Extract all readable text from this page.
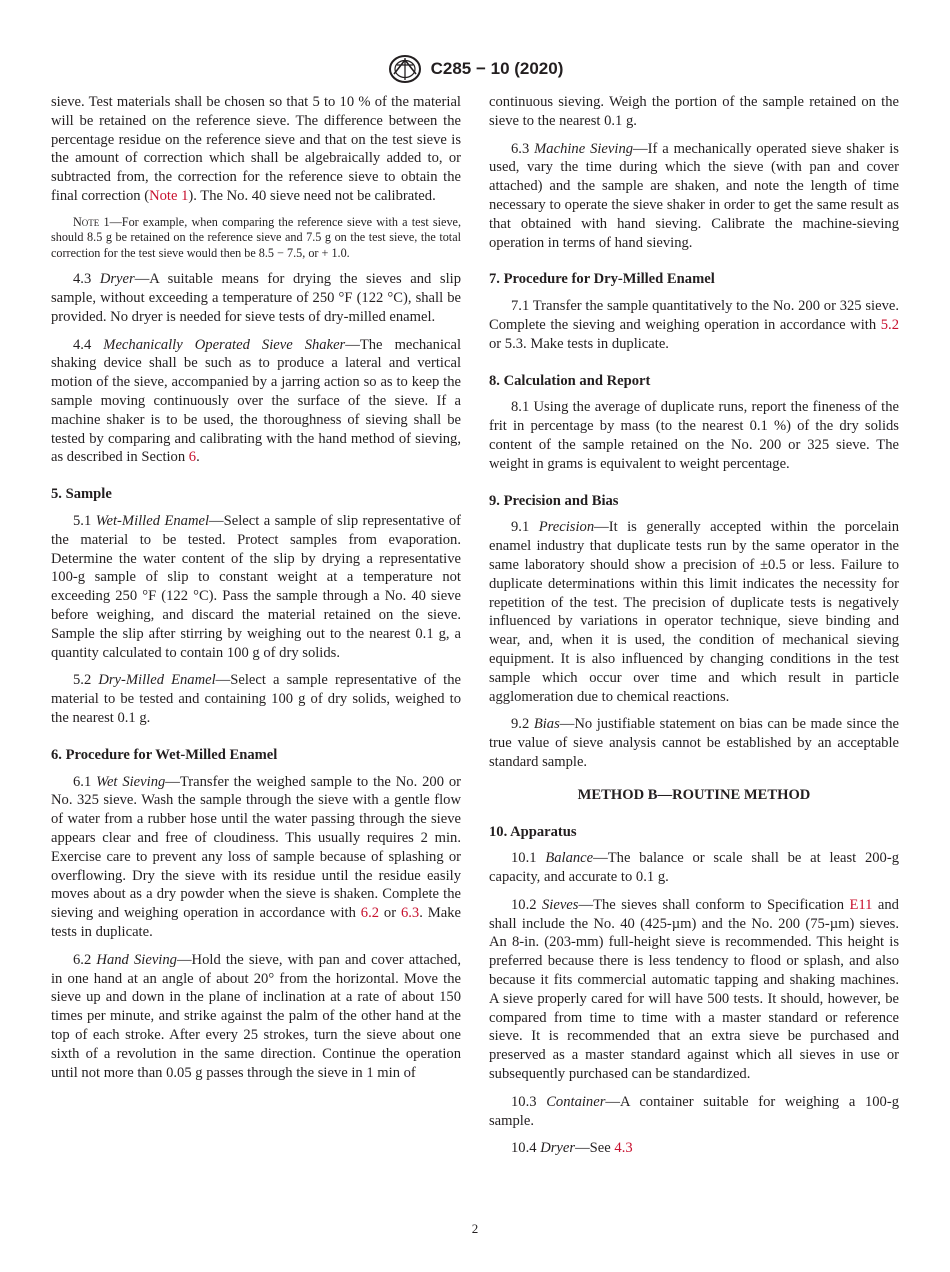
C285 − 10 (2020)

sieve. Test materials shall be chosen so that 5 to 10 % of the material will be retained on the reference sieve. The difference between the percentage residue on the reference sieve and that on the test sieve is the amount of correction which shall be algebraically added to, or subtracted from, the correction for the reference sieve to obtain the final correction (Note 1). The No. 40 sieve need not be calibrated.

Note 1—For example, when comparing the reference sieve with a test sieve, should 8.5 g be retained on the reference sieve and 7.5 g on the test sieve, the total correction for the test sieve would then be 8.5 − 7.5, or + 1.0.

4.3 Dryer—A suitable means for drying the sieves and slip sample, without exceeding a temperature of 250 °F (122 °C), shall be provided. No dryer is needed for sieve tests of dry-milled enamel.

4.4 Mechanically Operated Sieve Shaker—The mechanical shaking device shall be such as to produce a lateral and vertical motion of the sieve, accompanied by a jarring action so as to keep the sample moving continuously over the surface of the sieve. If a machine shaker is to be used, the thoroughness of sieving shall be tested by comparing and calibrating with the hand method of sieving, as described in Section 6.

5. Sample

5.1 Wet-Milled Enamel—Select a sample of slip representative of the material to be tested. Protect samples from evaporation. Determine the water content of the slip by drying a representative 100-g sample of slip to constant weight at a temperature not exceeding 250 °F (122 °C). Pass the sample through a No. 40 sieve before weighing, and discard the material retained on the sieve. Sample the slip after stirring by weighing out to the nearest 0.1 g, a quantity calculated to contain 100 g of dry solids.

5.2 Dry-Milled Enamel—Select a sample representative of the material to be tested and containing 100 g of dry solids, weighed to the nearest 0.1 g.

6. Procedure for Wet-Milled Enamel

6.1 Wet Sieving—Transfer the weighed sample to the No. 200 or No. 325 sieve. Wash the sample through the sieve with a gentle flow of water from a rubber hose until the water passing through the sieve appears clear and free of cloudiness. This usually requires 2 min. Exercise care to prevent any loss of sample because of splashing or overflowing. Dry the sieve with its residue until the residue easily moves about as a dry powder when the sieve is shaken. Complete the sieving and weighing operation in accordance with 6.2 or 6.3. Make tests in duplicate.

6.2 Hand Sieving—Hold the sieve, with pan and cover attached, in one hand at an angle of about 20° from the horizontal. Move the sieve up and down in the plane of inclination at a rate of about 150 times per minute, and strike against the palm of the other hand at the top of each stroke. After every 25 strokes, turn the sieve about one sixth of a revolution in the same direction. Continue the operation until not more than 0.05 g passes through the sieve in 1 min of

continuous sieving. Weigh the portion of the sample retained on the sieve to the nearest 0.1 g.

6.3 Machine Sieving—If a mechanically operated sieve shaker is used, vary the time during which the sieve (with pan and cover attached) and the sample are shaken, and note the length of time necessary to operate the sieve shaker in order to get the same result as that obtained with hand sieving. Calibrate the machine-sieving operation in terms of hand sieving.

7. Procedure for Dry-Milled Enamel

7.1 Transfer the sample quantitatively to the No. 200 or 325 sieve. Complete the sieving and weighing operation in accordance with 5.2 or 5.3. Make tests in duplicate.

8. Calculation and Report

8.1 Using the average of duplicate runs, report the fineness of the frit in percentage by mass (to the nearest 0.1 %) of the dry solids content of the sample retained on the No. 200 or 325 sieve. The weight in grams is equivalent to weight percentage.

9. Precision and Bias

9.1 Precision—It is generally accepted within the porcelain enamel industry that duplicate tests run by the same operator in the same laboratory should show a precision of ±0.5 or less. Failure to duplicate determinations within this limit indicates the necessity for repetition of the test. The precision of duplicate tests is negatively influenced by variations in operator technique, sieve binding and wear, and, when it is used, the condition of mechanical sieving equipment. It is also influenced by changing conditions in the test sample which occur over time and which result in particle agglomeration due to chemical reactions.

9.2 Bias—No justifiable statement on bias can be made since the true value of sieve analysis cannot be established by an acceptable standard sample.

METHOD B—ROUTINE METHOD
10. Apparatus

10.1 Balance—The balance or scale shall be at least 200-g capacity, and accurate to 0.1 g.

10.2 Sieves—The sieves shall conform to Specification E11 and shall include the No. 40 (425-µm) and the No. 200 (75-µm) sieves. An 8-in. (203-mm) full-height sieve is recommended. This height is preferred because there is less tendency to flood or splash, and also because it fits commercial automatic tapping and shaking machines. A sieve properly cared for will have 500 tests. It should, however, be compared from time to time with a master standard or reference sieve. It is recommended that an extra sieve be purchased and preserved as a master standard against which all sieves in use or subsequently purchased can be standardized.

10.3 Container—A container suitable for weighing a 100-g sample.

10.4 Dryer—See 4.3

2
